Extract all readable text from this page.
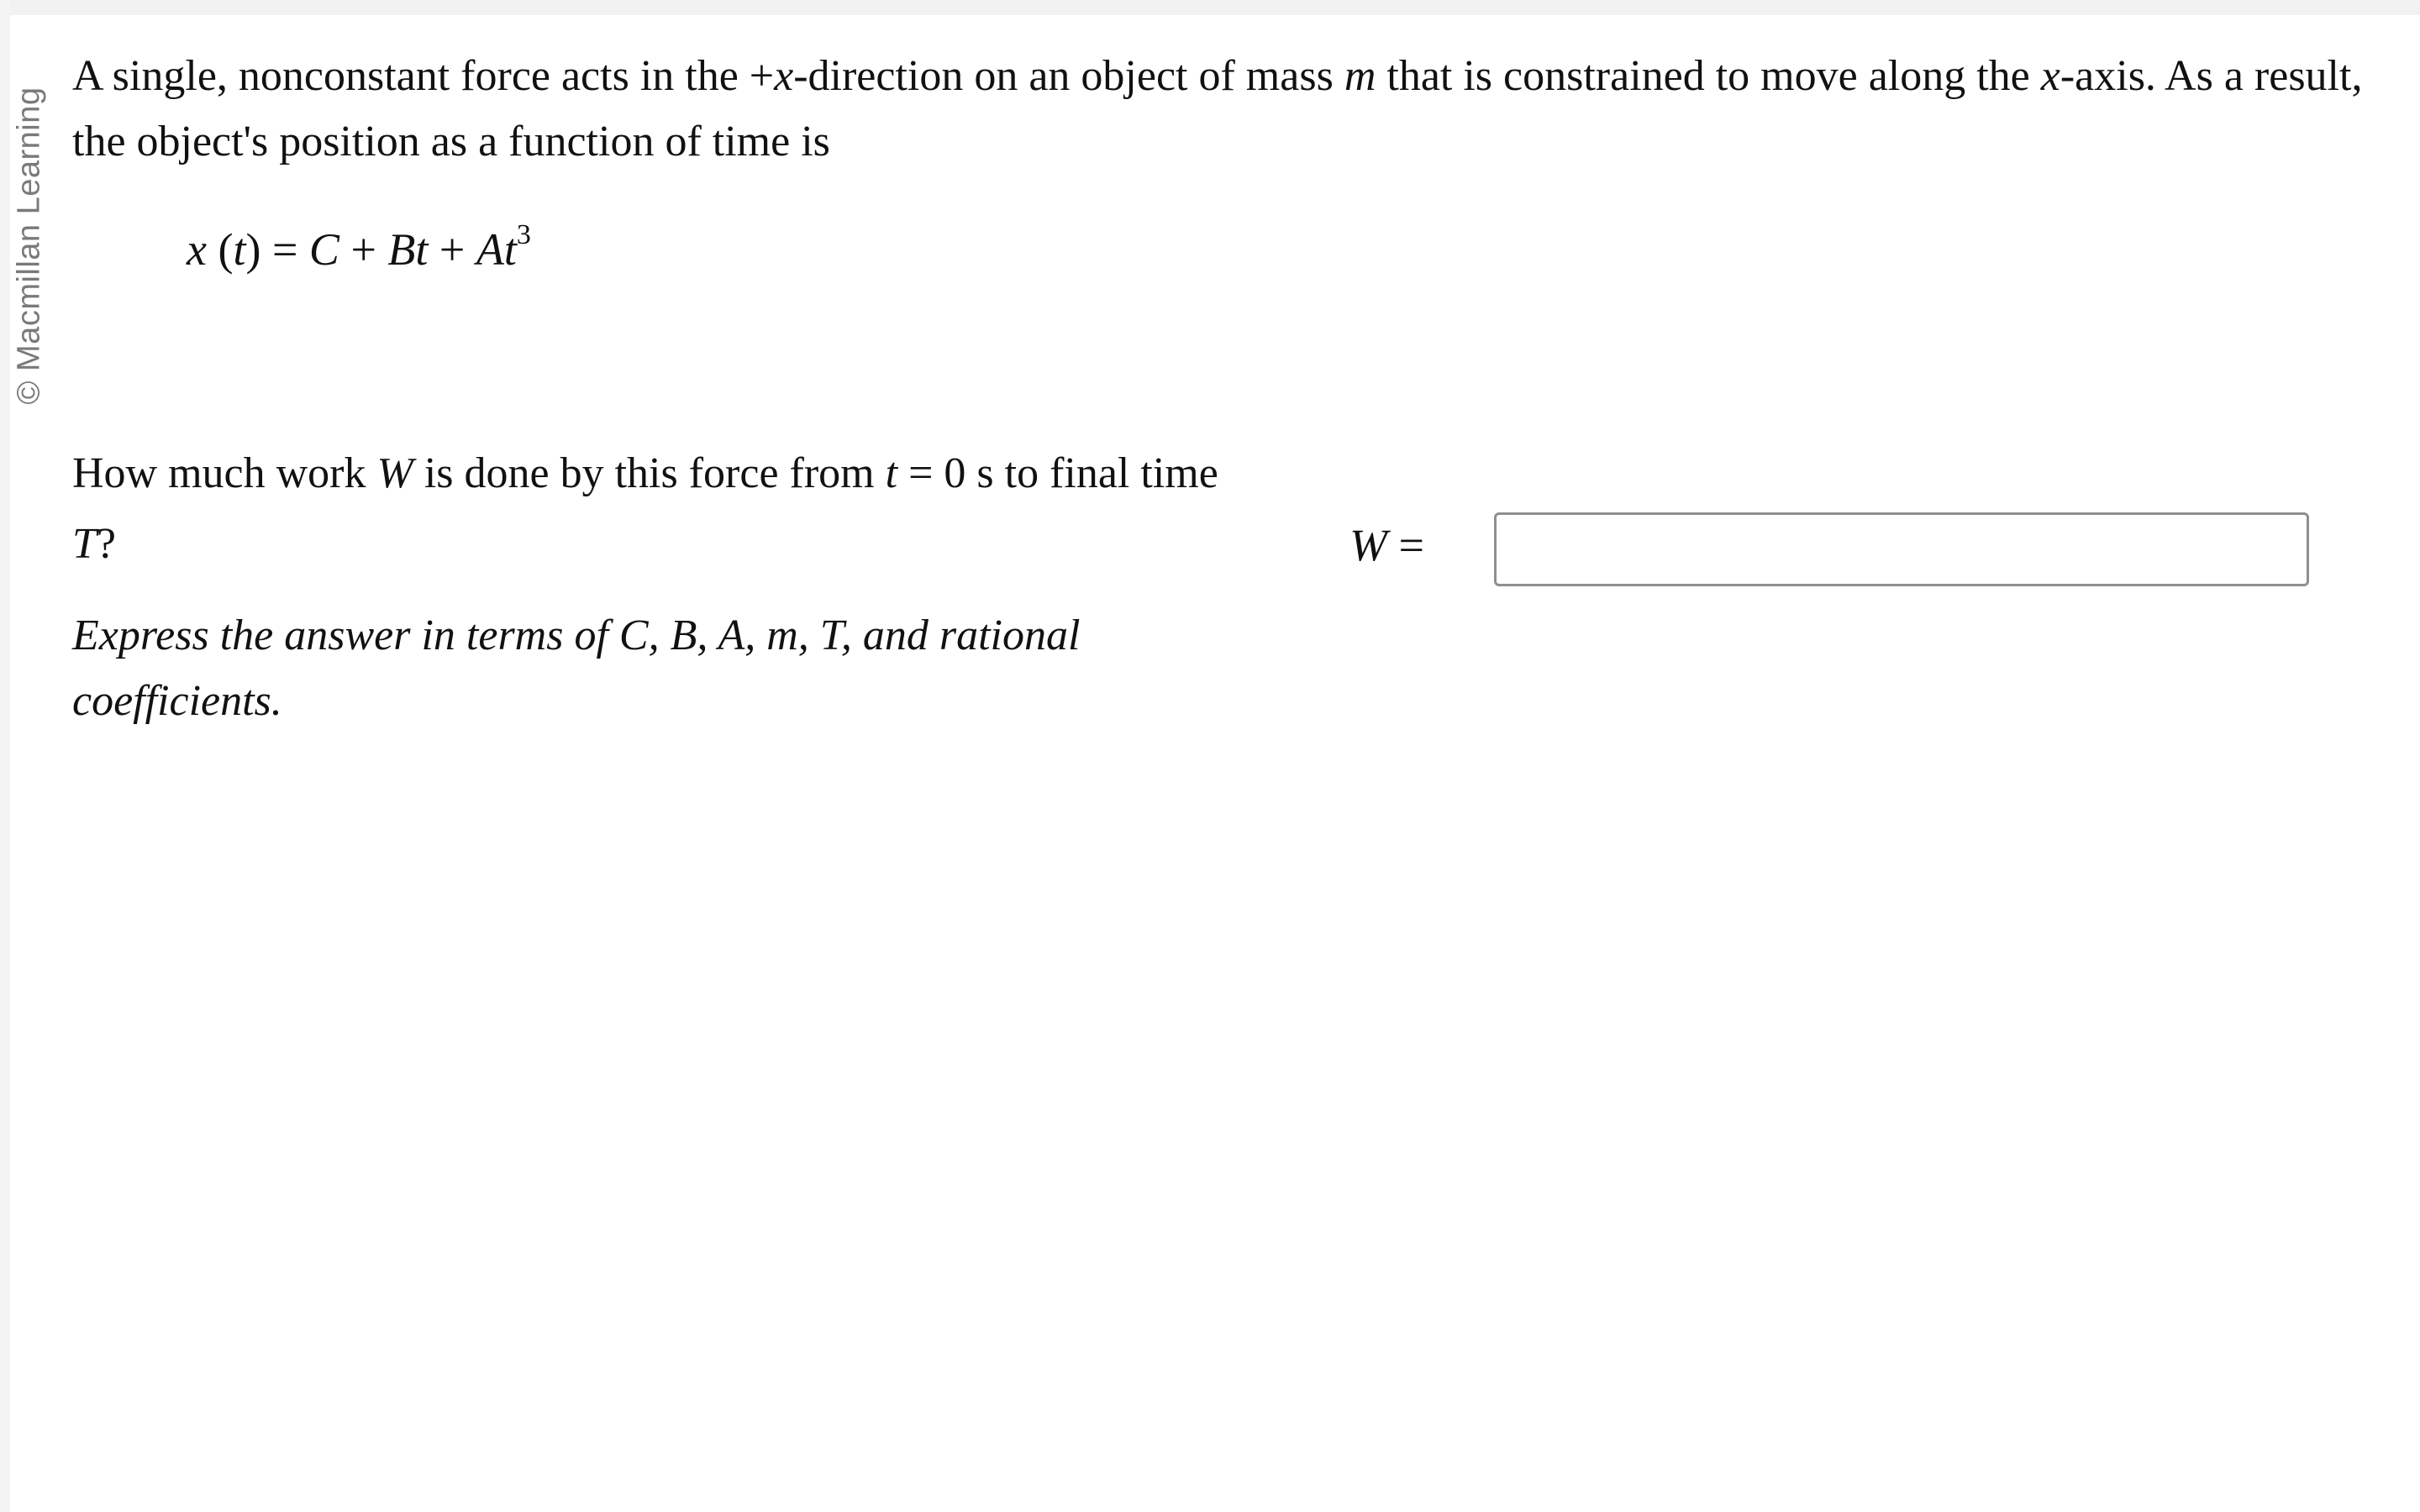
© Macmillan Learning
A single, nonconstant force acts in the +x-direction on an object of mass m that is constrained to move along the x-axis. As a result, the object's position as a function of time is
x $(t) = C + Bt + At^3$
How much work W is done by this force from t = 0 s to final time T?
Express the answer in terms of C, B, A, m, T, and rational coefficients.
W =
